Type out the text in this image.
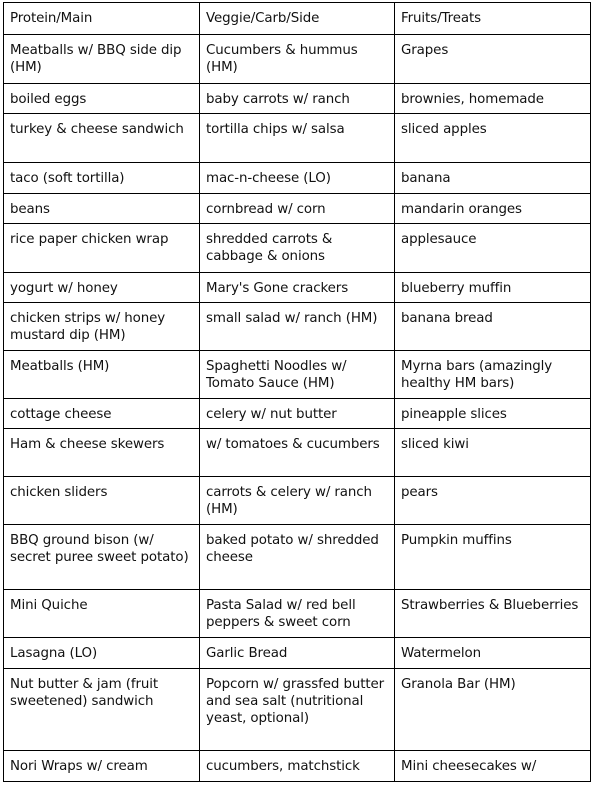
Protein/Main	Veggie/Carb/Side	Fruits/Treats
Meatballs w/ BBQ side dip (HM)	Cucumbers & hummus (HM)	Grapes
boiled eggs	baby carrots w/ ranch	brownies, homemade
turkey & cheese sandwich	tortilla chips w/ salsa	sliced apples
taco (soft tortilla)	mac-n-cheese (LO)	banana
beans	cornbread w/ corn	mandarin oranges
rice paper chicken wrap	shredded carrots & cabbage & onions	applesauce
yogurt w/ honey	Mary's Gone crackers	blueberry muffin
chicken strips w/ honey mustard dip (HM)	small salad w/ ranch (HM)	banana bread
Meatballs (HM)	Spaghetti Noodles w/ Tomato Sauce (HM)	Myrna bars (amazingly healthy HM bars)
cottage cheese	celery w/ nut butter	pineapple slices
Ham & cheese skewers	w/ tomatoes & cucumbers	sliced kiwi
chicken sliders	carrots & celery w/ ranch (HM)	pears
BBQ ground bison (w/ secret puree sweet potato)	baked potato w/ shredded cheese	Pumpkin muffins
Mini Quiche	Pasta Salad w/ red bell peppers & sweet corn	Strawberries & Blueberries
Lasagna (LO)	Garlic Bread	Watermelon
Nut butter & jam (fruit sweetened) sandwich	Popcorn w/ grassfed butter and sea salt (nutritional yeast, optional)	Granola Bar (HM)
Nori Wraps w/ cream	cucumbers, matchstick	Mini cheesecakes w/
